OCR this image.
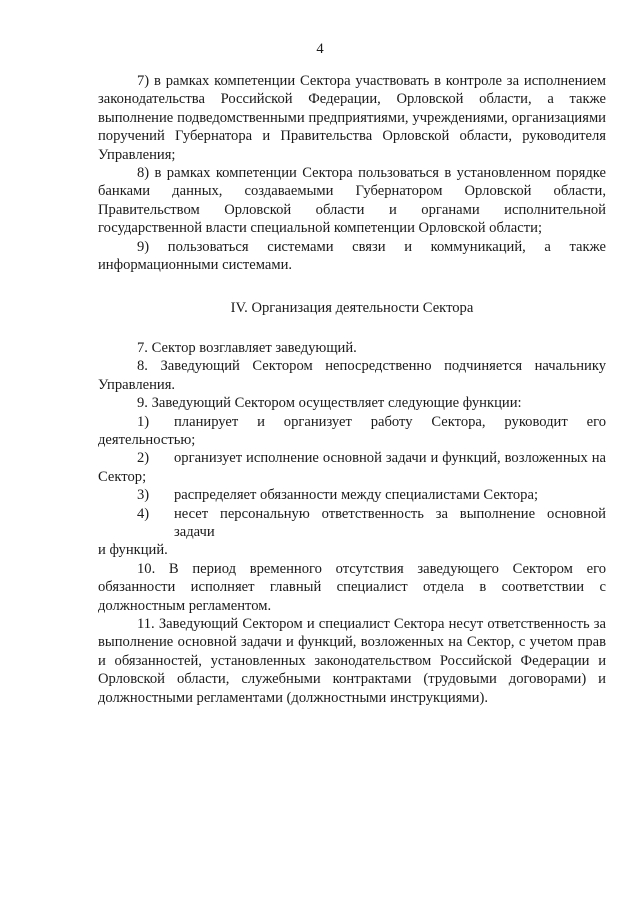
4

7) в рамках компетенции Сектора участвовать в контроле за исполнением законодательства Российской Федерации, Орловской области, а также выполнение подведомственными предприятиями, учреждениями, организациями поручений Губернатора и Правительства Орловской области, руководителя Управления;

8) в рамках компетенции Сектора пользоваться в установленном порядке банками данных, создаваемыми Губернатором Орловской области, Правительством Орловской области и органами исполнительной государственной власти специальной компетенции Орловской области;

9) пользоваться системами связи и коммуникаций, а также информационными системами.

IV. Организация деятельности Сектора

7. Сектор возглавляет заведующий.

8. Заведующий Сектором непосредственно подчиняется начальнику Управления.

9. Заведующий Сектором осуществляет следующие функции:

1)	планирует и организует работу Сектора, руководит его
деятельностью;
2)	организует исполнение основной задачи и функций, возложенных на
Сектор;
3)	распределяет обязанности между специалистами Сектора;
4)	несет персональную ответственность за выполнение основной задачи
и функций.

10. В период временного отсутствия заведующего Сектором его обязанности исполняет главный специалист отдела в соответствии с должностным регламентом.

11. Заведующий Сектором и специалист Сектора несут ответственность за выполнение основной задачи и функций, возложенных на Сектор, с учетом прав и обязанностей, установленных законодательством Российской Федерации и Орловской области, служебными контрактами (трудовыми договорами) и должностными регламентами (должностными инструкциями).
